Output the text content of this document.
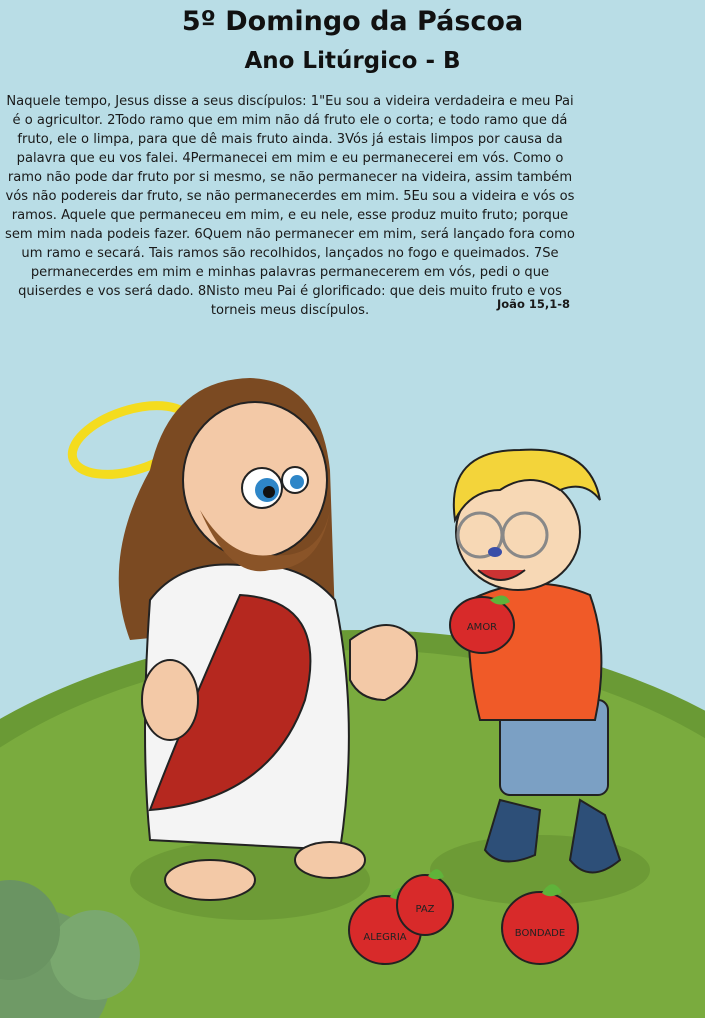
5º Domingo da Páscoa
Ano Litúrgico - B

Naquele tempo, Jesus disse a seus discípulos: 1"Eu sou a videira verdadeira e meu Pai é o agricultor. 2Todo ramo que em mim não dá fruto ele o corta; e todo ramo que dá fruto, ele o limpa, para que dê mais fruto ainda. 3Vós já estais limpos por causa da palavra que eu vos falei. 4Permanecei em mim e eu permanecerei em vós. Como o ramo não pode dar fruto por si mesmo, se não permanecer na videira, assim também vós não podereis dar fruto, se não permanecerdes em mim. 5Eu sou a videira e vós os ramos. Aquele que permaneceu em mim, e eu nele, esse produz muito fruto; porque sem mim nada podeis fazer. 6Quem não permanecer em mim, será lançado fora como um ramo e secará. Tais ramos são recolhidos, lançados no fogo e queimados. 7Se permanecerdes em mim e minhas palavras permanecerem em vós, pedi o que quiserdes e vos será dado. 8Nisto meu Pai é glorificado: que deis muito fruto e vos torneis meus discípulos.	João 15,1-8
AMOR
ALEGRIA
PAZ
BONDADE
